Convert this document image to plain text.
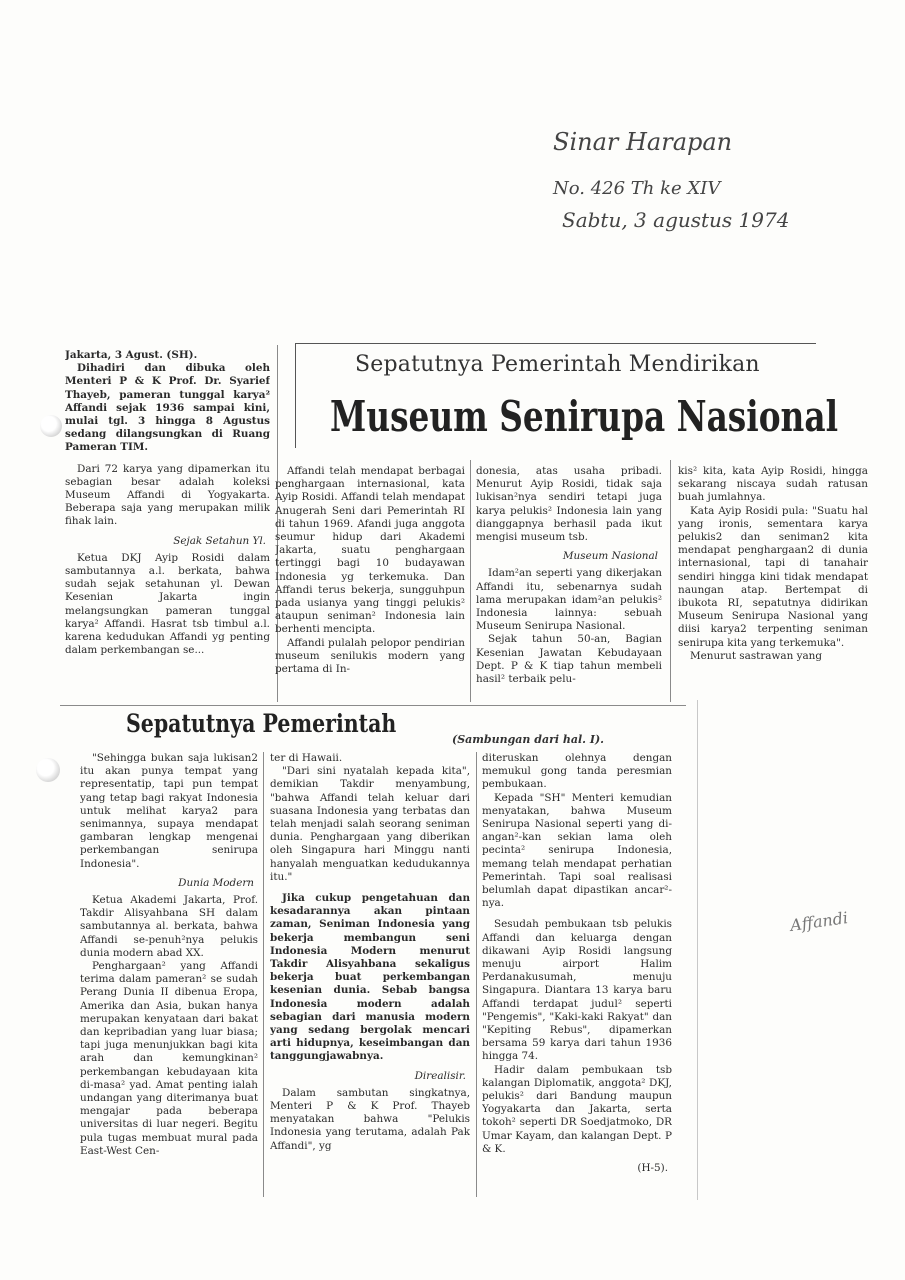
Sinar Harapan
No. 426 Th ke XIV
Sabtu, 3 agustus 1974
Affandi
Sepatutnya Pemerintah Mendirikan
Museum Senirupa Nasional

Jakarta, 3 Agust. (SH).

Dihadiri dan dibuka oleh Menteri P & K Prof. Dr. Syarief Thayeb, pameran tunggal karya² Affandi sejak 1936 sampai kini, mulai tgl. 3 hingga 8 Agustus sedang dilangsungkan di Ruang Pameran TIM.

Dari 72 karya yang dipamerkan itu sebagian besar adalah koleksi Museum Affandi di Yogyakarta. Beberapa saja yang merupakan milik fihak lain.

Sejak Setahun Yl.

Ketua DKJ Ayip Rosidi dalam sambutannya a.l. berkata, bahwa sudah sejak setahunan yl. Dewan Kesenian Jakarta ingin melangsungkan pameran tunggal karya² Affandi. Hasrat tsb timbul a.l. karena kedudukan Affandi yg penting dalam perkembangan se...

Affandi telah mendapat berbagai penghargaan internasional, kata Ayip Rosidi. Affandi telah mendapat Anugerah Seni dari Pemerintah RI di tahun 1969. Afandi juga anggota seumur hidup dari Akademi Jakarta, suatu penghargaan tertinggi bagi 10 budayawan Indonesia yg terkemuka. Dan Affandi terus bekerja, sungguhpun pada usianya yang tinggi pelukis² ataupun seniman² Indonesia lain berhenti mencipta.

Affandi pulalah pelopor pendirian museum senilukis modern yang pertama di In-

donesia, atas usaha pribadi. Menurut Ayip Rosidi, tidak saja lukisan²nya sendiri tetapi juga karya pelukis² Indonesia lain yang dianggapnya berhasil pada ikut mengisi museum tsb.

Museum Nasional

Idam²an seperti yang dikerjakan Affandi itu, sebenarnya sudah lama merupakan idam²an pelukis² Indonesia lainnya: sebuah Museum Senirupa Nasional.

Sejak tahun 50-an, Bagian Kesenian Jawatan Kebudayaan Dept. P & K tiap tahun membeli hasil² terbaik pelu-

kis² kita, kata Ayip Rosidi, hingga sekarang niscaya sudah ratusan buah jumlahnya.

Kata Ayip Rosidi pula: "Suatu hal yang ironis, sementara karya pelukis2 dan seniman2 kita mendapat penghargaan2 di dunia internasional, tapi di tanahair sendiri hingga kini tidak mendapat naungan atap. Bertempat di ibukota RI, sepatutnya didirikan Museum Senirupa Nasional yang diisi karya2 terpenting seniman senirupa kita yang terkemuka".

Menurut sastrawan yang

Sepatutnya Pemerintah
(Sambungan dari hal. I).

"Sehingga bukan saja lukisan2 itu akan punya tempat yang representatip, tapi pun tempat yang tetap bagi rakyat Indonesia untuk melihat karya2 para senimannya, supaya mendapat gambaran lengkap mengenai perkembangan senirupa Indonesia".

Dunia Modern

Ketua Akademi Jakarta, Prof. Takdir Alisyahbana SH dalam sambutannya al. berkata, bahwa Affandi se-penuh²nya pelukis dunia modern abad XX.

Penghargaan² yang Affandi terima dalam pameran² se sudah Perang Dunia II dibenua Eropa, Amerika dan Asia, bukan hanya merupakan kenyataan dari bakat dan kepribadian yang luar biasa; tapi juga menunjukkan bagi kita arah dan kemungkinan² perkembangan kebudayaan kita di-masa² yad. Amat penting ialah undangan yang diterimanya buat mengajar pada beberapa universitas di luar negeri. Begitu pula tugas membuat mural pada East-West Cen-

ter di Hawaii.

"Dari sini nyatalah kepada kita", demikian Takdir menyambung, "bahwa Affandi telah keluar dari suasana Indonesia yang terbatas dan telah menjadi salah seorang seniman dunia. Penghargaan yang diberikan oleh Singapura hari Minggu nanti hanyalah menguatkan kedudukannya itu."

Jika cukup pengetahuan dan kesadarannya akan pintaan zaman, Seniman Indonesia yang bekerja membangun seni Indonesia Modern menurut Takdir Alisyahbana sekaligus bekerja buat perkembangan kesenian dunia. Sebab bangsa Indonesia modern adalah sebagian dari manusia modern yang sedang bergolak mencari arti hidupnya, keseimbangan dan tanggungjawabnya.

Direalisir.

Dalam sambutan singkatnya, Menteri P & K Prof. Thayeb menyatakan bahwa "Pelukis Indonesia yang terutama, adalah Pak Affandi", yg

diteruskan olehnya dengan memukul gong tanda peresmian pembukaan.

Kepada "SH" Menteri kemudian menyatakan, bahwa Museum Senirupa Nasional seperti yang di-angan²-kan sekian lama oleh pecinta² senirupa Indonesia, memang telah mendapat perhatian Pemerintah. Tapi soal realisasi belumlah dapat dipastikan ancar²-nya.

Sesudah pembukaan tsb pelukis Affandi dan keluarga dengan dikawani Ayip Rosidi langsung menuju airport Halim Perdanakusumah, menuju Singapura. Diantara 13 karya baru Affandi terdapat judul² seperti "Pengemis", "Kaki-kaki Rakyat" dan "Kepiting Rebus", dipamerkan bersama 59 karya dari tahun 1936 hingga 74.

Hadir dalam pembukaan tsb kalangan Diplomatik, anggota² DKJ, pelukis² dari Bandung maupun Yogyakarta dan Jakarta, serta tokoh² seperti DR Soedjatmoko, DR Umar Kayam, dan kalangan Dept. P & K.

(H-5).
